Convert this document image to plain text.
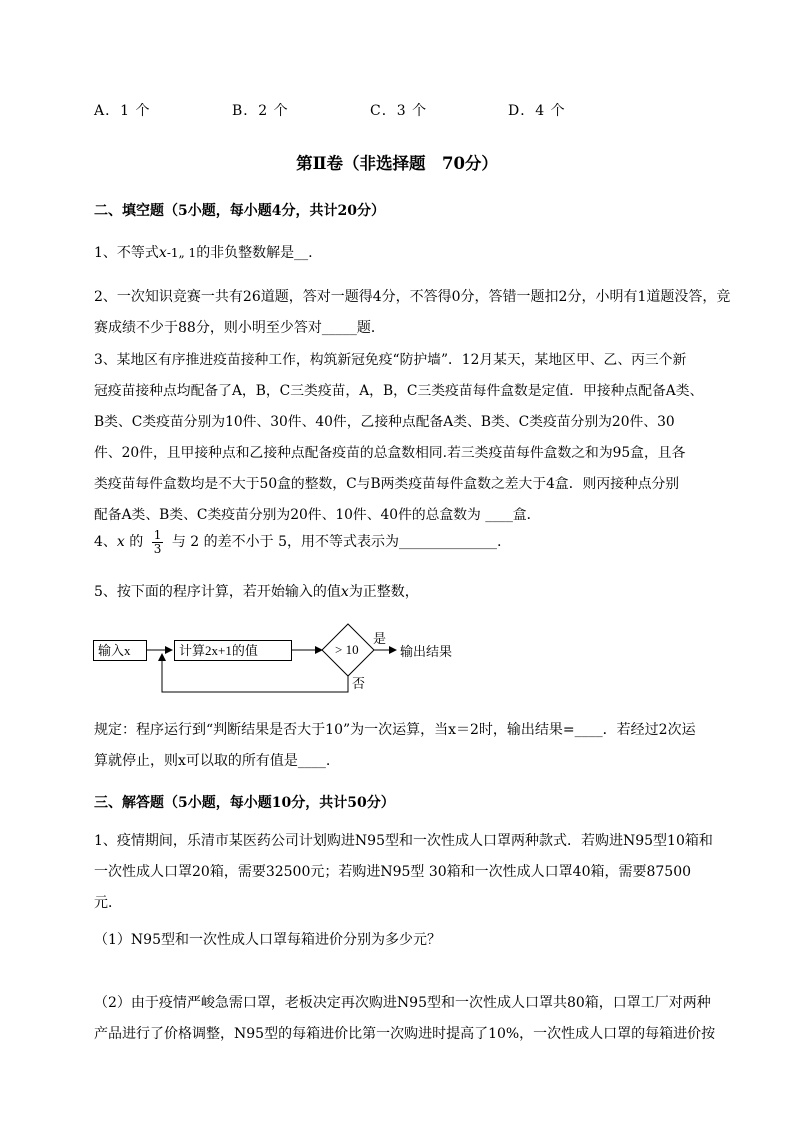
A．1 个	B．2 个	C．3 个	D．4 个
第Ⅱ卷（非选择题　70分）
二、填空题（5小题，每小题4分，共计20分）
1、不等式x-1„ 1的非负整数解是__.

2、一次知识竞赛一共有26道题，答对一题得4分，不答得0分，答错一题扣2分，小明有1道题没答，竞赛成绩不少于88分，则小明至少答对_____题．

3、某地区有序推进疫苗接种工作，构筑新冠免疫“防护墙”．12月某天，某地区甲、乙、丙三个新

冠疫苗接种点均配备了A，B，C三类疫苗，A，B，C三类疫苗每件盒数是定值．甲接种点配备A类、

B类、C类疫苗分别为10件、30件、40件，乙接种点配备A类、B类、C类疫苗分别为20件、30

件、20件，且甲接种点和乙接种点配备疫苗的总盒数相同.若三类疫苗每件盒数之和为95盒，且各

类疫苗每件盒数均是不大于50盒的整数，C与B两类疫苗每件盒数之差大于4盒．则丙接种点分别

配备A类、B类、C类疫苗分别为20件、10件、40件的总盒数为 ____盒．

4、x 的 $\frac{1}{3}$ 与 2 的差不小于 5，用不等式表示为______________.
5、按下面的程序计算，若开始输入的值x为正整数，
输入x	计算2x+1的值	> 10
是
否
输出结果

规定：程序运行到“判断结果是否大于10”为一次运算，当x＝2时，输出结果=____．若经过2次运

算就停止，则x可以取的所有值是____.

三、解答题（5小题，每小题10分，共计50分）

1、疫情期间，乐清市某医药公司计划购进N95型和一次性成人口罩两种款式．若购进N95型10箱和

一次性成人口罩20箱，需要32500元；若购进N95型 30箱和一次性成人口罩40箱，需要87500

元．

（1）N95型和一次性成人口罩每箱进价分别为多少元？

（2）由于疫情严峻急需口罩，老板决定再次购进N95型和一次性成人口罩共80箱，口罩工厂对两种

产品进行了价格调整，N95型的每箱进价比第一次购进时提高了10%，一次性成人口罩的每箱进价按
